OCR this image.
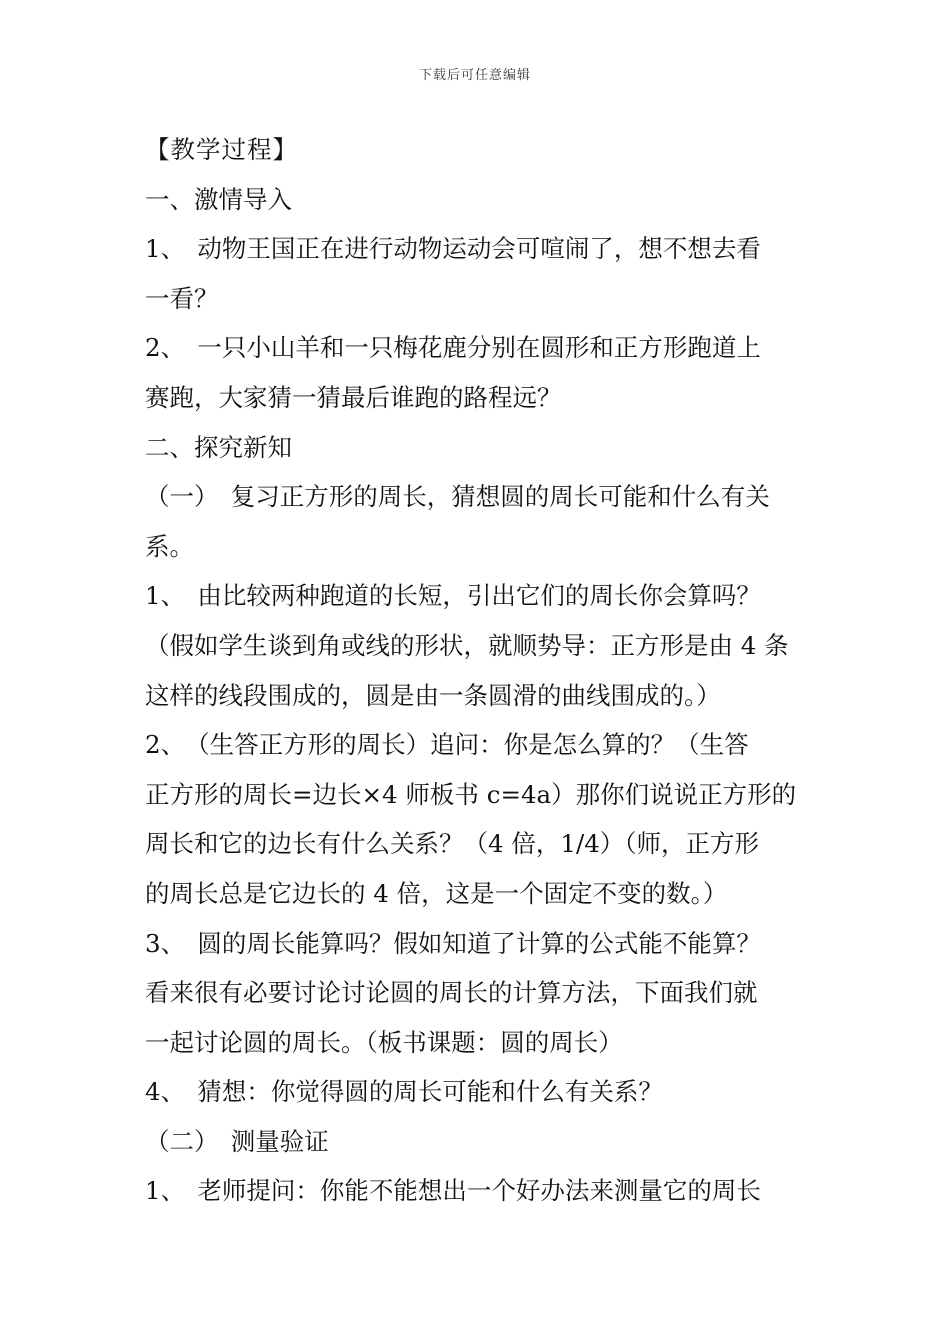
下载后可任意编辑
【教学过程】
一、激情导入
1、　动物王国正在进行动物运动会可喧闹了，想不想去看
一看？
2、　一只小山羊和一只梅花鹿分别在圆形和正方形跑道上
赛跑，大家猜一猜最后谁跑的路程远？
二、探究新知
（一）　复习正方形的周长，猜想圆的周长可能和什么有关
系。
1、　由比较两种跑道的长短，引出它们的周长你会算吗？
（假如学生谈到角或线的形状，就顺势导：正方形是由 4 条
这样的线段围成的，圆是由一条圆滑的曲线围成的。）
2、　（生答正方形的周长）追问：你是怎么算的？（生答
正方形的周长=边长×4 师板书 c=4a）那你们说说正方形的
周长和它的边长有什么关系？（4 倍，1/4）（师，正方形
的周长总是它边长的 4 倍，这是一个固定不变的数。）
3、　圆的周长能算吗？假如知道了计算的公式能不能算？
看来很有必要讨论讨论圆的周长的计算方法，下面我们就
一起讨论圆的周长。（板书课题：圆的周长）
4、　猜想：你觉得圆的周长可能和什么有关系？
（二）　测量验证
1、　老师提问：你能不能想出一个好办法来测量它的周长
